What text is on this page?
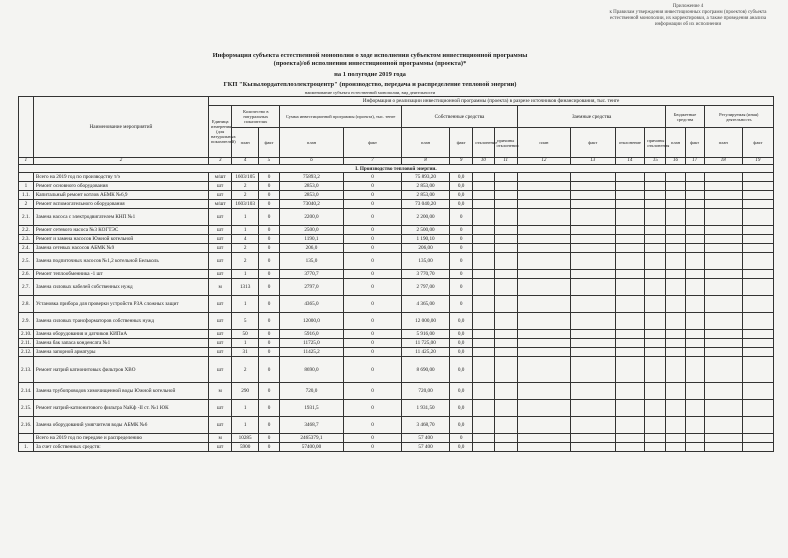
Приложение 4
к Правилам утверждения инвестиционных программ (проектов) субъекта естественной монополии, их корректировки, а также проведения анализа информации об их исполнении
Информация субъекта естественной монополии о ходе исполнения субъектом инвестиционной программы
(проекта)/об исполнении инвестиционной программы (проекта)*
на 1 полугодие 2019 года
ГКП "Кызылордатеплоэлектроцентр" (производство, передача и распределение тепловой энергии)
наименование субъекта естественной монополии, вид деятельности
	Наименование мероприятий	Информация о реализации инвестиционной программы (проекта) в разрезе источников финансирования, тыс. тенге																
		Единица измерения (для натуральных показателей)	Количество в натуральных показателях		Сумма инвестиционной программы (проекта), тыс. тенге		Собственные средства				Заемные средства				Бюджетные средства		Регулируемая (иная) деятельность	
			план	факт	план	факт	план	факт	отклонение	причины отклонения	план	факт	отклонение	причины отклонения	план	факт	план	факт
1	2	3	4	5	6	7	8	9	10	11	12	13	14	15	16	17	18	19
I. Производство тепловой энергии.																		
	Всего на 2019 год по производству т/э	м/шт	1603/105	0	75893,2	0	75 893,20	0,0										
1	Ремонт основного оборудования	шт	2	0	2853,0	0	2 853,00	0,0										
1.1.	Капитальный ремонт котлов АБМК №6,9	шт	2	0	2853,0	0	2 853,00	0,0										
2	Ремонт вспомогательного оборудования	м/шт	1603/103	0	73040,2	0	73 040,20	0,0										
2.1.	Замена насоса с электродвигателем КНП №1	шт	1	0	2200,0	0	2 200,00	0										
2.2.	Ремонт сетевого насоса №3 КОГТЭС	шт	1	0	2500,0	0	2 500,00	0										
2.3.	Ремонт и замена насосов Южной котельной	шт	4	0	1190,1	0	1 190,10	0										
2.4.	Замена сетевых насосов АБМК №9	шт	2	0	206,0	0	206,00	0										
2.5.	Замена подпиточных насосов №1,2 котельной Бельколь	шт	2	0	135,0	0	135,00	0										
2.6.	Ремонт теплообменника -1 шт	шт	1	0	3770,7	0	3 770,70	0										
2.7.	Замена силовых кабелей собственных нужд	м	1313	0	2797,0	0	2 797,00	0										
2.8.	Установка прибора для проверки устройств РЗА сложных защит	шт	1	0	4365,0	0	4 365,00	0										
2.9.	Замена силовых трансформаторов собственных нужд	шт	5	0	12000,0	0	12 000,00	0,0										
2.10.	Замена оборудования и датчиков КИПиА	шт	50	0	5916,0	0	5 916,00	0,0										
2.11.	Замена бак запаса конденсата №1	шт	1	0	11725,0	0	11 725,00	0,0										
2.12.	Замена запорной арматуры	шт	31	0	11425,2	0	11 425,20	0,0										
2.13.	Ремонт натрий катионитовых фильтров ХВО	шт	2	0	8690,0	0	8 690,00	0,0										
2.14.	Замена трубопроводов химочищенной воды Южной котельной	м	290	0	720,0	0	720,00	0,0										
2.15.	Ремонт натрий-катионитового фильтра NaKф -II ст. №1 ЮК	шт	1	0	1931,5	0	1 931,50	0,0										
2.16.	Замена оборудований умягчителя воды АБМК №6	шт	1	0	3468,7	0	3 468,70	0,0										
	Всего на 2019 год по передаче и распределению	м	10285	0	2465379,1	0	57 400	0										
1.	За счет собственных средств:	шт	5900	0	57400,00	0	57 400	0,0										
